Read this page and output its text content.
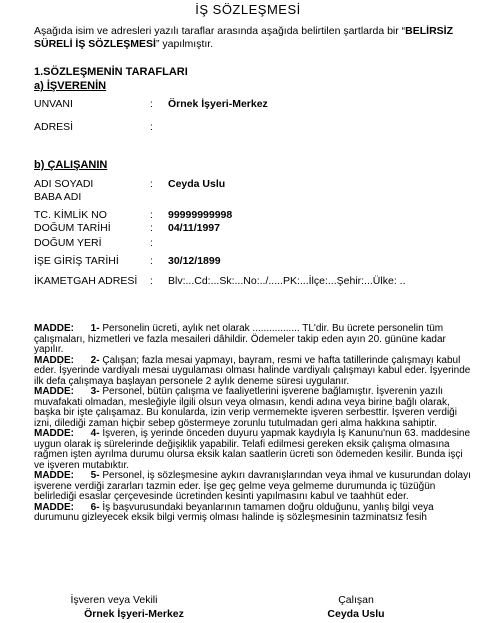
İŞ SÖZLEŞMESİ
Aşağıda isim ve adresleri yazılı taraflar arasında aşağıda belirtilen şartlarda bir “BELİRSİZ SÜRELİ İŞ SÖZLEŞMESİ” yapılmıştır.
1.SÖZLEŞMENİN TARAFLARI
a) İŞVERENİN
UNVANI	: Örnek İşyeri-Merkez
ADRESİ	:
b) ÇALIŞANIN
ADI SOYADI	: Ceyda Uslu
BABA ADI
TC. KİMLİK NO	: 99999999998
DOĞUM TARİHİ	: 04/11/1997
DOĞUM YERİ	:
İŞE GİRİŞ TARİHİ	: 30/12/1899
İKAMETGAH ADRESİ : Blv:...Cd:...Sk:...No:../.....PK:...İlçe:...Şehir:...Ülke: ..

MADDE: 1- Personelin ücreti, aylık net olarak ................. TL'dir. Bu ücrete personelin tüm çalışmaları, hizmetleri ve fazla mesaileri dâhildir. Ödemeler takip eden ayın 20. gününe kadar yapılır.

MADDE: 2- Çalışan; fazla mesai yapmayı, bayram, resmi ve hafta tatillerinde çalışmayı kabul eder. İşyerinde vardiyalı mesai uygulaması olması halinde vardiyalı çalışmayı kabul eder. İşyerinde ilk defa çalışmaya başlayan personele 2 aylık deneme süresi uygulanır.

MADDE: 3- Personel, bütün çalışma ve faaliyetlerini işverene bağlamıştır. İşverenin yazılı muvafakati olmadan, mesleğiyle ilgili olsun veya olmasın, kendi adına veya birine bağlı olarak, başka bir işte çalışamaz. Bu konularda, izin verip vermemekte işveren serbesttir. İşveren verdiği izni, dilediği zaman hiçbir sebep göstermeye zorunlu tutulmadan geri alma hakkına sahiptir.

MADDE: 4- İşveren, iş yerinde önceden duyuru yapmak kaydıyla İş Kanunu'nun 63. maddesine uygun olarak iş sürelerinde değişiklik yapabilir. Telafi edilmesi gereken eksik çalışma olmasına rağmen işten ayrılma durumu olursa eksik kalan saatlerin ücreti son ödemeden kesilir. Bunda işçi ve işveren mutabıktır.

MADDE: 5- Personel, iş sözleşmesine aykırı davranışlarından veya ihmal ve kusurundan dolayı işverene verdiği zararları tazmin eder. İşe geç gelme veya gelmeme durumunda iç tüzüğün belirlediği esaslar çerçevesinde ücretinden kesinti yapılmasını kabul ve taahhüt eder.

MADDE: 6- İş başvurusundaki beyanlarının tamamen doğru olduğunu, yanlış bilgi veya durumunu gizleyecek eksik bilgi vermiş olması halinde iş sözleşmesinin tazminatsız fesih

İşveren veya Vekili
Örnek İşyeri-Merkez
Çalışan
Ceyda Uslu
